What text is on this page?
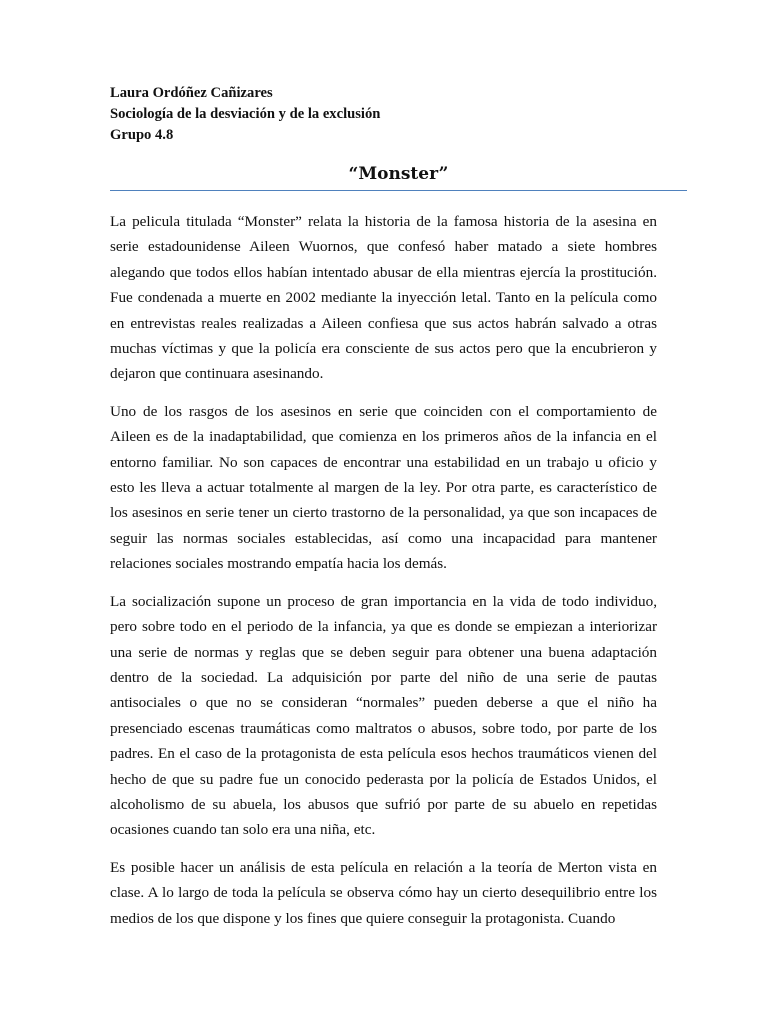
Laura Ordóñez Cañizares
Sociología de la desviación y de la exclusión
Grupo 4.8
“Monster”

La pelicula titulada “Monster” relata la historia de la famosa historia de la asesina en serie estadounidense Aileen Wuornos, que confesó haber matado a siete hombres alegando que todos ellos habían intentado abusar de ella mientras ejercía la prostitución. Fue condenada a muerte en 2002 mediante la inyección letal. Tanto en la película como en entrevistas reales realizadas a Aileen confiesa que sus actos habrán salvado a otras muchas víctimas y que la policía era consciente de sus actos pero que la encubrieron y dejaron que continuara asesinando.

Uno de los rasgos de los asesinos en serie que coinciden con el comportamiento de Aileen es de la inadaptabilidad, que comienza en los primeros años de la infancia en el entorno familiar. No son capaces de encontrar una estabilidad en un trabajo u oficio y esto les lleva a actuar totalmente al margen de la ley. Por otra parte, es característico de los asesinos en serie tener un cierto trastorno de la personalidad, ya que son incapaces de seguir las normas sociales establecidas, así como una incapacidad para mantener relaciones sociales mostrando empatía hacia los demás.

La socialización supone un proceso de gran importancia en la vida de todo individuo, pero sobre todo en el periodo de la infancia, ya que es donde se empiezan a interiorizar una serie de normas y reglas que se deben seguir para obtener una buena adaptación dentro de la sociedad. La adquisición por parte del niño de una serie de pautas antisociales o que no se consideran “normales” pueden deberse a que el niño ha presenciado escenas traumáticas como maltratos o abusos, sobre todo, por parte de los padres. En el caso de la protagonista de esta película esos hechos traumáticos vienen del hecho de que su padre fue un conocido pederasta por la policía de Estados Unidos, el alcoholismo de su abuela, los abusos que sufrió por parte de su abuelo en repetidas ocasiones cuando tan solo era una niña, etc.

Es posible hacer un análisis de esta película en relación a la teoría de Merton vista en clase. A lo largo de toda la película se observa cómo hay un cierto desequilibrio entre los medios de los que dispone y los fines que quiere conseguir la protagonista. Cuando
